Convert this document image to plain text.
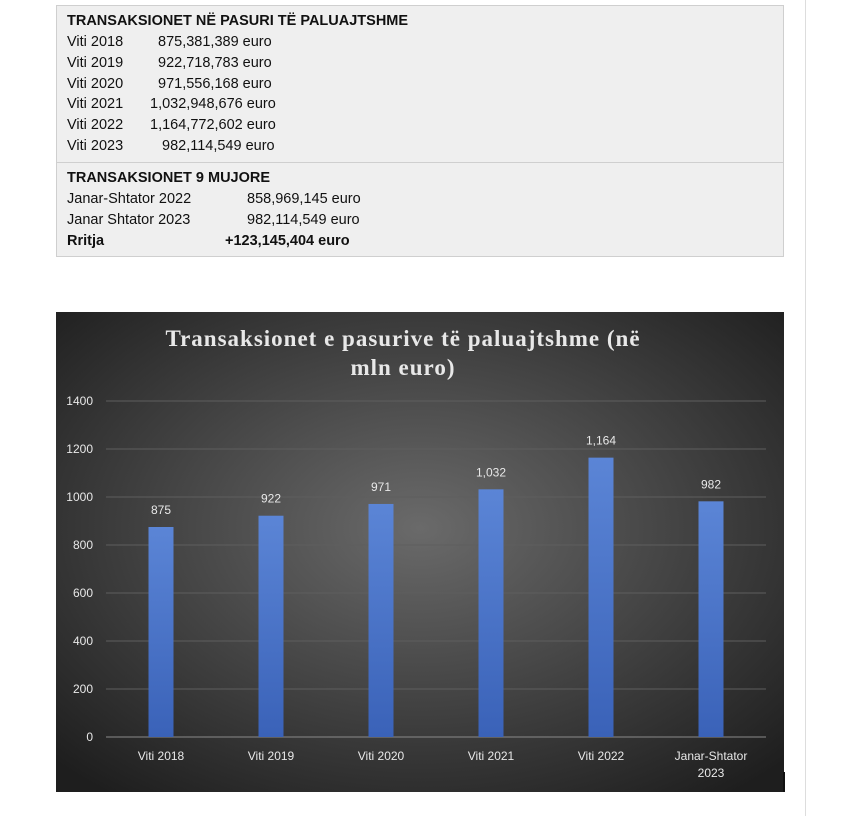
TRANSAKSIONET NË PASURI TË PALUAJTSHME
Viti 2018 875,381,389 euro
Viti 2019 922,718,783 euro
Viti 2020 971,556,168 euro
Viti 2021 1,032,948,676 euro
Viti 2022 1,164,772,602 euro
Viti 2023	982,114,549 euro
TRANSAKSIONET 9 MUJORE
Janar-Shtator 2022	858,969,145 euro
Janar Shtator 2023	982,114,549 euro
Rritja	+123,145,404 euro
Transaksionet e pasurive të paluajtshme (në
mln euro)
0
200
400
600
800
1000
1200
1400
875
Viti 2018
922
Viti 2019
971
Viti 2020
1,032
Viti 2021
1,164
Viti 2022
982
Janar-Shtator
2023
